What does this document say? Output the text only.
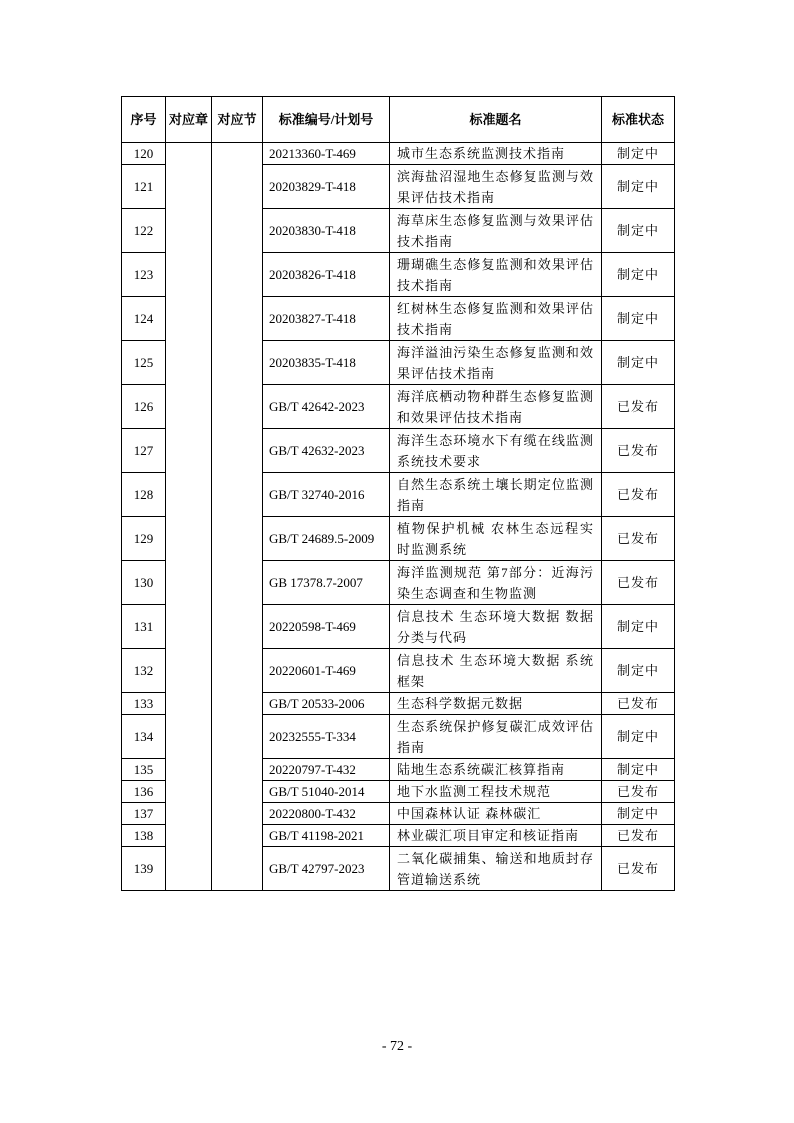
序号	对应章	对应节	标准编号/计划号	标准题名	标准状态
120			20213360-T-469	城市生态系统监测技术指南	制定中
121			20203829-T-418	滨海盐沼湿地生态修复监测与效果评估技术指南	制定中
122			20203830-T-418	海草床生态修复监测与效果评估技术指南	制定中
123			20203826-T-418	珊瑚礁生态修复监测和效果评估技术指南	制定中
124			20203827-T-418	红树林生态修复监测和效果评估技术指南	制定中
125			20203835-T-418	海洋溢油污染生态修复监测和效果评估技术指南	制定中
126			GB/T 42642-2023	海洋底栖动物种群生态修复监测和效果评估技术指南	已发布
127			GB/T 42632-2023	海洋生态环境水下有缆在线监测系统技术要求	已发布
128			GB/T 32740-2016	自然生态系统土壤长期定位监测指南	已发布
129			GB/T 24689.5-2009	植物保护机械 农林生态远程实时监测系统	已发布
130			GB 17378.7-2007	海洋监测规范 第7部分：近海污染生态调查和生物监测	已发布
131			20220598-T-469	信息技术 生态环境大数据 数据分类与代码	制定中
132			20220601-T-469	信息技术 生态环境大数据 系统框架	制定中
133			GB/T 20533-2006	生态科学数据元数据	已发布
134			20232555-T-334	生态系统保护修复碳汇成效评估指南	制定中
135			20220797-T-432	陆地生态系统碳汇核算指南	制定中
136			GB/T 51040-2014	地下水监测工程技术规范	已发布
137			20220800-T-432	中国森林认证 森林碳汇	制定中
138			GB/T 41198-2021	林业碳汇项目审定和核证指南	已发布
139			GB/T 42797-2023	二氧化碳捕集、输送和地质封存管道输送系统	已发布
- 72 -
